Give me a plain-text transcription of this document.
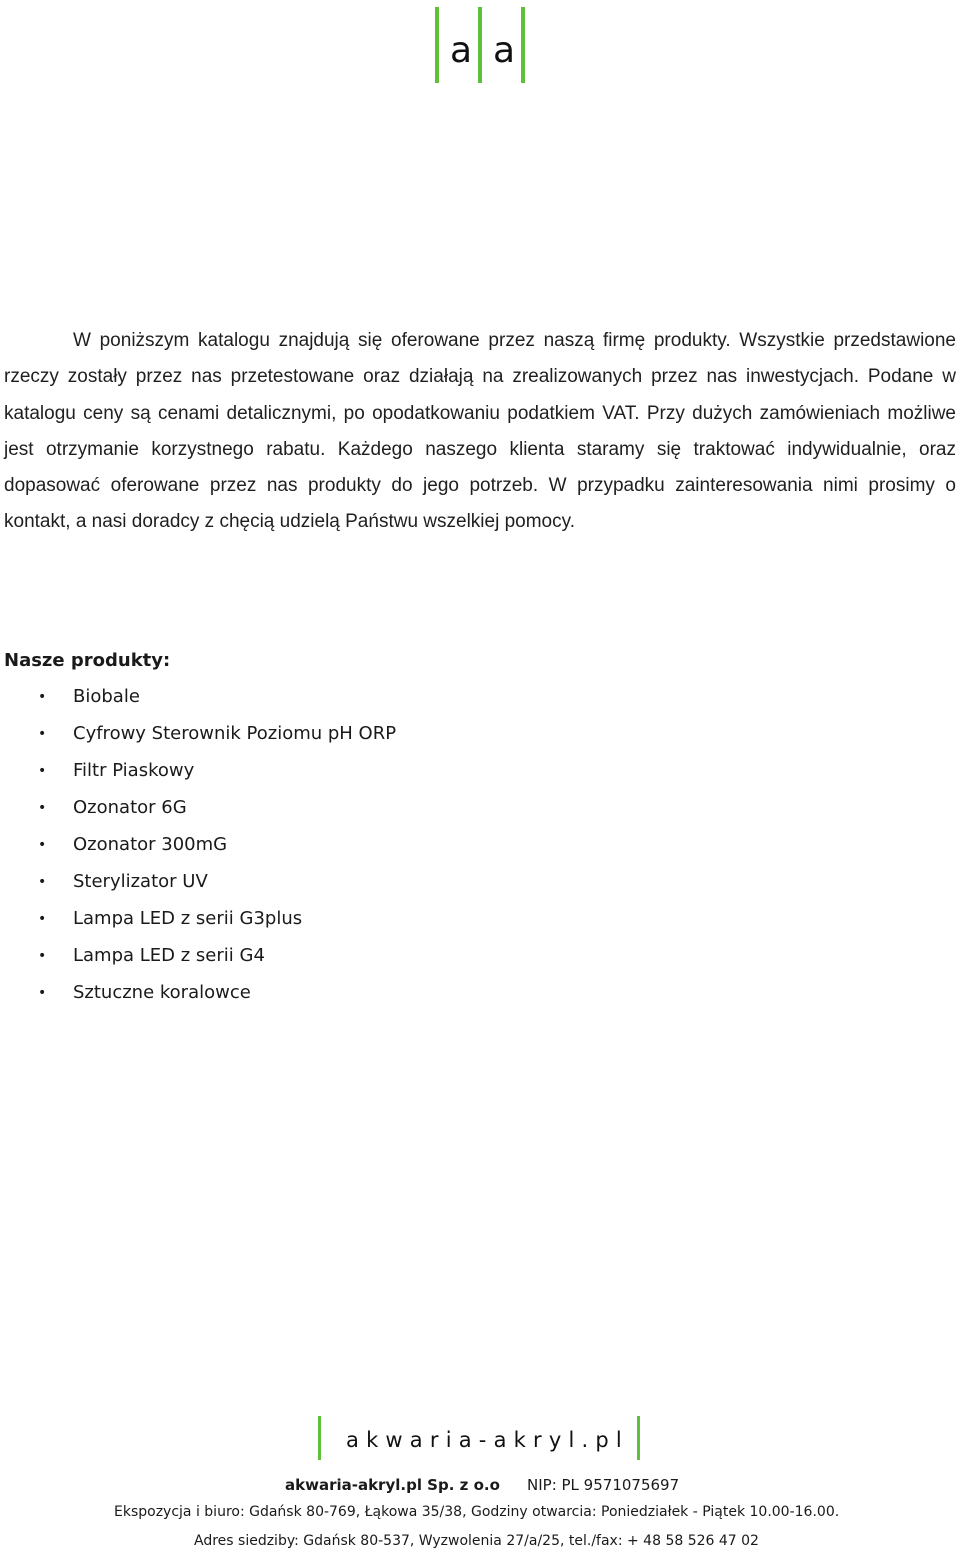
a a

W poniższym katalogu znajdują się oferowane przez naszą firmę produkty. Wszystkie przedstawione rzeczy zostały przez nas przetestowane oraz działają na zrealizowanych przez nas inwestycjach. Podane w katalogu ceny są cenami detalicznymi, po opodatkowaniu podatkiem VAT. Przy dużych zamówieniach możliwe jest otrzymanie korzystnego rabatu. Każdego naszego klienta staramy się traktować indywidualnie, oraz dopasować oferowane przez nas produkty do jego potrzeb. W przypadku zainteresowania nimi prosimy o kontakt, a nasi doradcy z chęcią udzielą Państwu wszelkiej pomocy.

Nasze produkty:
• Biobale
• Cyfrowy Sterownik Poziomu pH ORP
• Filtr Piaskowy
• Ozonator 6G
• Ozonator 300mG
• Sterylizator UV
• Lampa LED z serii G3plus
• Lampa LED z serii G4
• Sztuczne koralowce
akwaria-akryl.pl
akwaria-akryl.pl Sp. z o.o NIP: PL 9571075697
Ekspozycja i biuro: Gdańsk 80-769, Łąkowa 35/38, Godziny otwarcia: Poniedziałek - Piątek 10.00-16.00.
Adres siedziby: Gdańsk 80-537, Wyzwolenia 27/a/25, tel./fax: + 48 58 526 47 02
